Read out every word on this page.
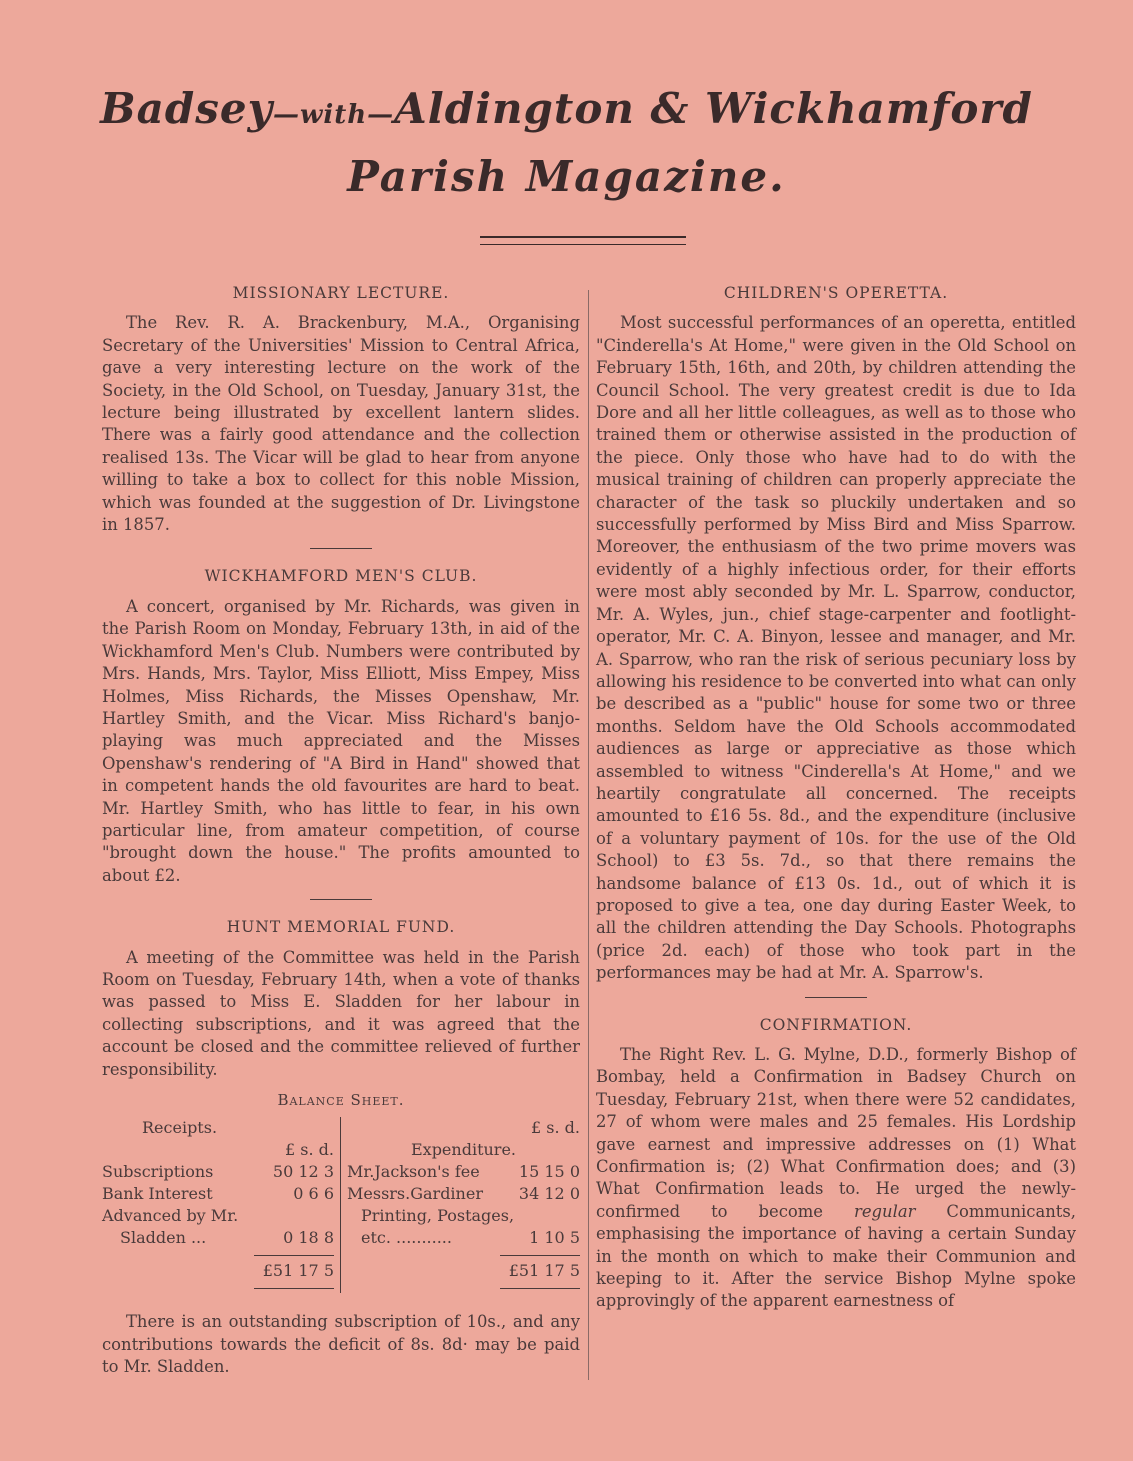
Badsey—with—Aldington & Wickhamford
Parish Magazine.
MISSIONARY LECTURE.

The Rev. R. A. Brackenbury, M.A., Organising Secretary of the Universities' Mission to Central Africa, gave a very interesting lecture on the work of the Society, in the Old School, on Tuesday, January 31st, the lecture being illustrated by excellent lantern slides. There was a fairly good attendance and the collection realised 13s. The Vicar will be glad to hear from anyone willing to take a box to collect for this noble Mission, which was founded at the suggestion of Dr. Livingstone in 1857.

WICKHAMFORD MEN'S CLUB.

A concert, organised by Mr. Richards, was given in the Parish Room on Monday, February 13th, in aid of the Wickhamford Men's Club. Numbers were contributed by Mrs. Hands, Mrs. Taylor, Miss Elliott, Miss Empey, Miss Holmes, Miss Richards, the Misses Openshaw, Mr. Hartley Smith, and the Vicar. Miss Richard's banjo-playing was much appreciated and the Misses Openshaw's rendering of "A Bird in Hand" showed that in competent hands the old favourites are hard to beat. Mr. Hartley Smith, who has little to fear, in his own particular line, from amateur competition, of course "brought down the house." The profits amounted to about £2.

HUNT MEMORIAL FUND.

A meeting of the Committee was held in the Parish Room on Tuesday, February 14th, when a vote of thanks was passed to Miss E. Sladden for her labour in collecting subscriptions, and it was agreed that the account be closed and the committee relieved of further responsibility.

Balance Sheet.
Receipts.
£ s. d.
Subscriptions	50 12 3
Bank Interest	0 6 6
Advanced by Mr.
Sladden ...	0 18 8
£51 17 5
£ s. d.
Expenditure.
Mr.Jackson's fee 15 15 0
Messrs.Gardiner 34 12 0
Printing, Postages,
etc. ...........	1 10 5
£51 17 5

There is an outstanding subscription of 10s., and any contributions towards the deficit of 8s. 8d· may be paid to Mr. Sladden.

CHILDREN'S OPERETTA.

Most successful performances of an operetta, entitled "Cinderella's At Home," were given in the Old School on February 15th, 16th, and 20th, by children attending the Council School. The very greatest credit is due to Ida Dore and all her little colleagues, as well as to those who trained them or otherwise assisted in the production of the piece. Only those who have had to do with the musical training of children can properly appreciate the character of the task so pluckily undertaken and so successfully performed by Miss Bird and Miss Sparrow. Moreover, the enthusiasm of the two prime movers was evidently of a highly infectious order, for their efforts were most ably seconded by Mr. L. Sparrow, conductor, Mr. A. Wyles, jun., chief stage-carpenter and footlight-operator, Mr. C. A. Binyon, lessee and manager, and Mr. A. Sparrow, who ran the risk of serious pecuniary loss by allowing his residence to be converted into what can only be described as a "public" house for some two or three months. Seldom have the Old Schools accommodated audiences as large or appreciative as those which assembled to witness "Cinderella's At Home," and we heartily congratulate all concerned. The receipts amounted to £16 5s. 8d., and the expenditure (inclusive of a voluntary payment of 10s. for the use of the Old School) to £3 5s. 7d., so that there remains the handsome balance of £13 0s. 1d., out of which it is proposed to give a tea, one day during Easter Week, to all the children attending the Day Schools. Photographs (price 2d. each) of those who took part in the performances may be had at Mr. A. Sparrow's.

CONFIRMATION.

The Right Rev. L. G. Mylne, D.D., formerly Bishop of Bombay, held a Confirmation in Badsey Church on Tuesday, February 21st, when there were 52 candidates, 27 of whom were males and 25 females. His Lordship gave earnest and impressive addresses on (1) What Confirmation is; (2) What Confirmation does; and (3) What Confirmation leads to. He urged the newly-confirmed to become regular Communicants, emphasising the importance of having a certain Sunday in the month on which to make their Communion and keeping to it. After the service Bishop Mylne spoke approvingly of the apparent earnestness of
